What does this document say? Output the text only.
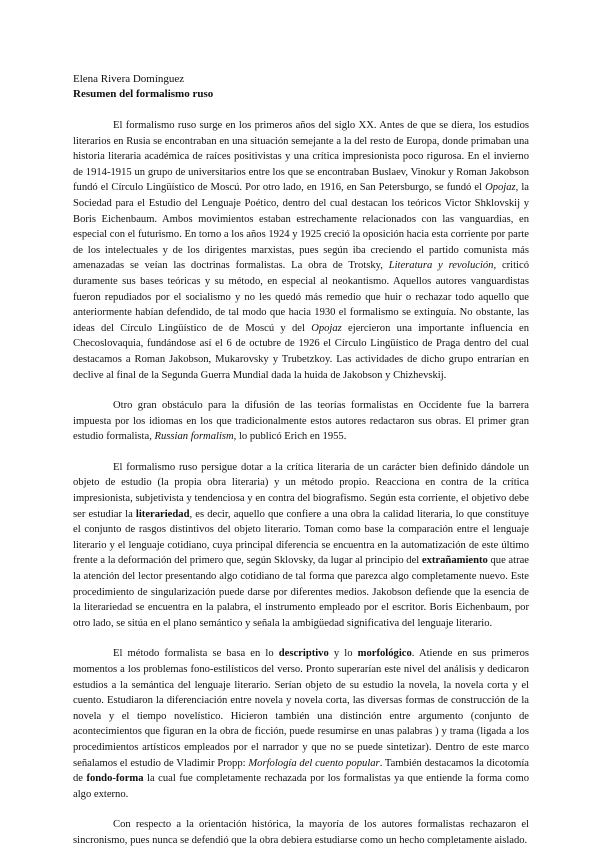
Elena Rivera Domínguez
Resumen del formalismo ruso

El formalismo ruso surge en los primeros años del siglo XX. Antes de que se diera, los estudios literarios en Rusia se encontraban en una situación semejante a la del resto de Europa, donde primaban una historia literaria académica de raíces positivistas y una crítica impresionista poco rigurosa. En el invierno de 1914-1915 un grupo de universitarios entre los que se encontraban Buslaev, Vinokur y Roman Jakobson fundó el Círculo Lingüístico de Moscú. Por otro lado, en 1916, en San Petersburgo, se fundó el Opojaz, la Sociedad para el Estudio del Lenguaje Poético, dentro del cual destacan los teóricos Victor Shklovskij y Boris Eichenbaum. Ambos movimientos estaban estrechamente relacionados con las vanguardias, en especial con el futurismo. En torno a los años 1924 y 1925 creció la oposición hacia esta corriente por parte de los intelectuales y de los dirigentes marxistas, pues según iba creciendo el partido comunista más amenazadas se veían las doctrinas formalistas. La obra de Trotsky, Literatura y revolución, criticó duramente sus bases teóricas y su método, en especial al neokantismo. Aquellos autores vanguardistas fueron repudiados por el socialismo y no les quedó más remedio que huir o rechazar todo aquello que anteriormente habían defendido, de tal modo que hacia 1930 el formalismo se extinguía. No obstante, las ideas del Círculo Lingüístico de de Moscú y del Opojaz ejercieron una importante influencia en Checoslovaquia, fundándose así el 6 de octubre de 1926 el Círculo Lingüístico de Praga dentro del cual destacamos a Roman Jakobson, Mukarovsky y Trubetzkoy. Las actividades de dicho grupo entrarían en declive al final de la Segunda Guerra Mundial dada la huida de Jakobson y Chizhevskij.

Otro gran obstáculo para la difusión de las teorías formalistas en Occidente fue la barrera impuesta por los idiomas en los que tradicionalmente estos autores redactaron sus obras. El primer gran estudio formalista, Russian formalism, lo publicó Erich en 1955.

El formalismo ruso persigue dotar a la crítica literaria de un carácter bien definido dándole un objeto de estudio (la propia obra literaria) y un método propio. Reacciona en contra de la crítica impresionista, subjetivista y tendenciosa y en contra del biografismo. Según esta corriente, el objetivo debe ser estudiar la literariedad, es decir, aquello que confiere a una obra la calidad literaria, lo que constituye el conjunto de rasgos distintivos del objeto literario. Toman como base la comparación entre el lenguaje literario y el lenguaje cotidiano, cuya principal diferencia se encuentra en la automatización de este último frente a la deformación del primero que, según Sklovsky, da lugar al principio del extrañamiento que atrae la atención del lector presentando algo cotidiano de tal forma que parezca algo completamente nuevo. Este procedimiento de singularización puede darse por diferentes medios. Jakobson defiende que la esencia de la literariedad se encuentra en la palabra, el instrumento empleado por el escritor. Boris Eichenbaum, por otro lado, se sitúa en el plano semántico y señala la ambigüedad significativa del lenguaje literario.

El método formalista se basa en lo descriptivo y lo morfológico. Atiende en sus primeros momentos a los problemas fono-estilísticos del verso. Pronto superarían este nivel del análisis y dedicaron estudios a la semántica del lenguaje literario. Serían objeto de su estudio la novela, la novela corta y el cuento. Estudiaron la diferenciación entre novela y novela corta, las diversas formas de construcción de la novela y el tiempo novelístico. Hicieron también una distinción entre argumento (conjunto de acontecimientos que figuran en la obra de ficción, puede resumirse en unas palabras ) y trama (ligada a los procedimientos artísticos empleados por el narrador y que no se puede sintetizar). Dentro de este marco señalamos el estudio de Vladimir Propp: Morfología del cuento popular. También destacamos la dicotomía de fondo-forma la cual fue completamente rechazada por los formalistas ya que entiende la forma como algo externo.

Con respecto a la orientación histórica, la mayoría de los autores formalistas rechazaron el sincronismo, pues nunca se defendió que la obra debiera estudiarse como un hecho completamente aislado.
